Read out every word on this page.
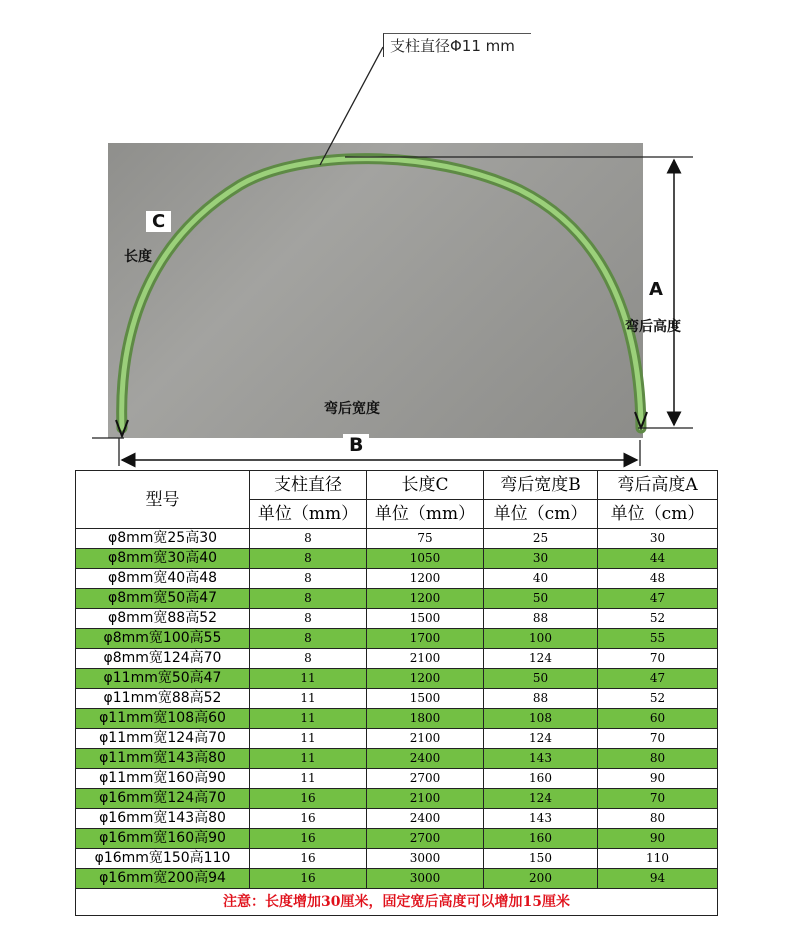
支柱直径Φ11 mm
C
长度
A
弯后高度
弯后宽度
B
型号	支柱直径	长度C	弯后宽度B	弯后高度A
	单位（mm）	单位（mm）	单位（cm）	单位（cm）
φ8mm宽25高30	8	75	25	30
φ8mm宽30高40	8	1050	30	44
φ8mm宽40高48	8	1200	40	48
φ8mm宽50高47	8	1200	50	47
φ8mm宽88高52	8	1500	88	52
φ8mm宽100高55	8	1700	100	55
φ8mm宽124高70	8	2100	124	70
φ11mm宽50高47	11	1200	50	47
φ11mm宽88高52	11	1500	88	52
φ11mm宽108高60	11	1800	108	60
φ11mm宽124高70	11	2100	124	70
φ11mm宽143高80	11	2400	143	80
φ11mm宽160高90	11	2700	160	90
φ16mm宽124高70	16	2100	124	70
φ16mm宽143高80	16	2400	143	80
φ16mm宽160高90	16	2700	160	90
φ16mm宽150高110	16	3000	150	110
φ16mm宽200高94	16	3000	200	94
注意：长度增加30厘米，固定宽后高度可以增加15厘米				
